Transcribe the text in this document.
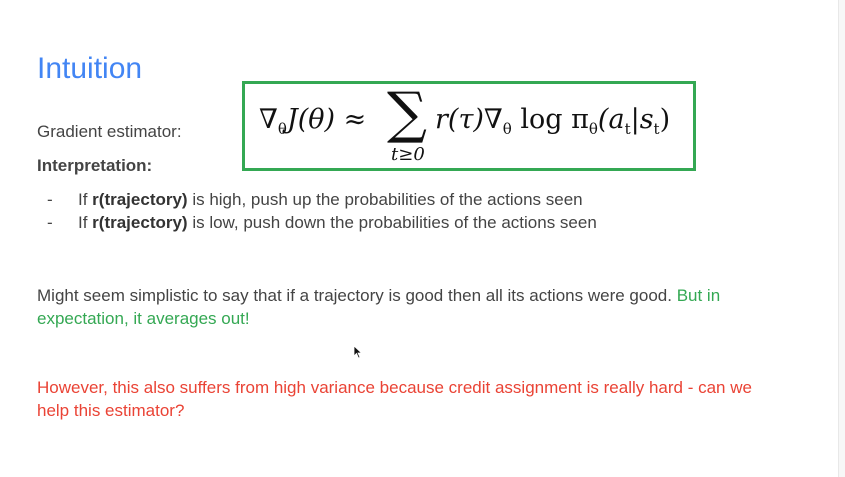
Intuition
Gradient estimator:
Interpretation:
$\nabla_\theta J(\theta)$ ≈ ∑
t≥0
$r(\tau)\nabla_\theta$ $\log \pi_\theta(a_t|s_t)$
-	If r(trajectory) is high, push up the probabilities of the actions seen
-	If r(trajectory) is low, push down the probabilities of the actions seen
Might seem simplistic to say that if a trajectory is good then all its actions were good. But in expectation, it averages out!
However, this also suffers from high variance because credit assignment is really hard - can we help this estimator?
